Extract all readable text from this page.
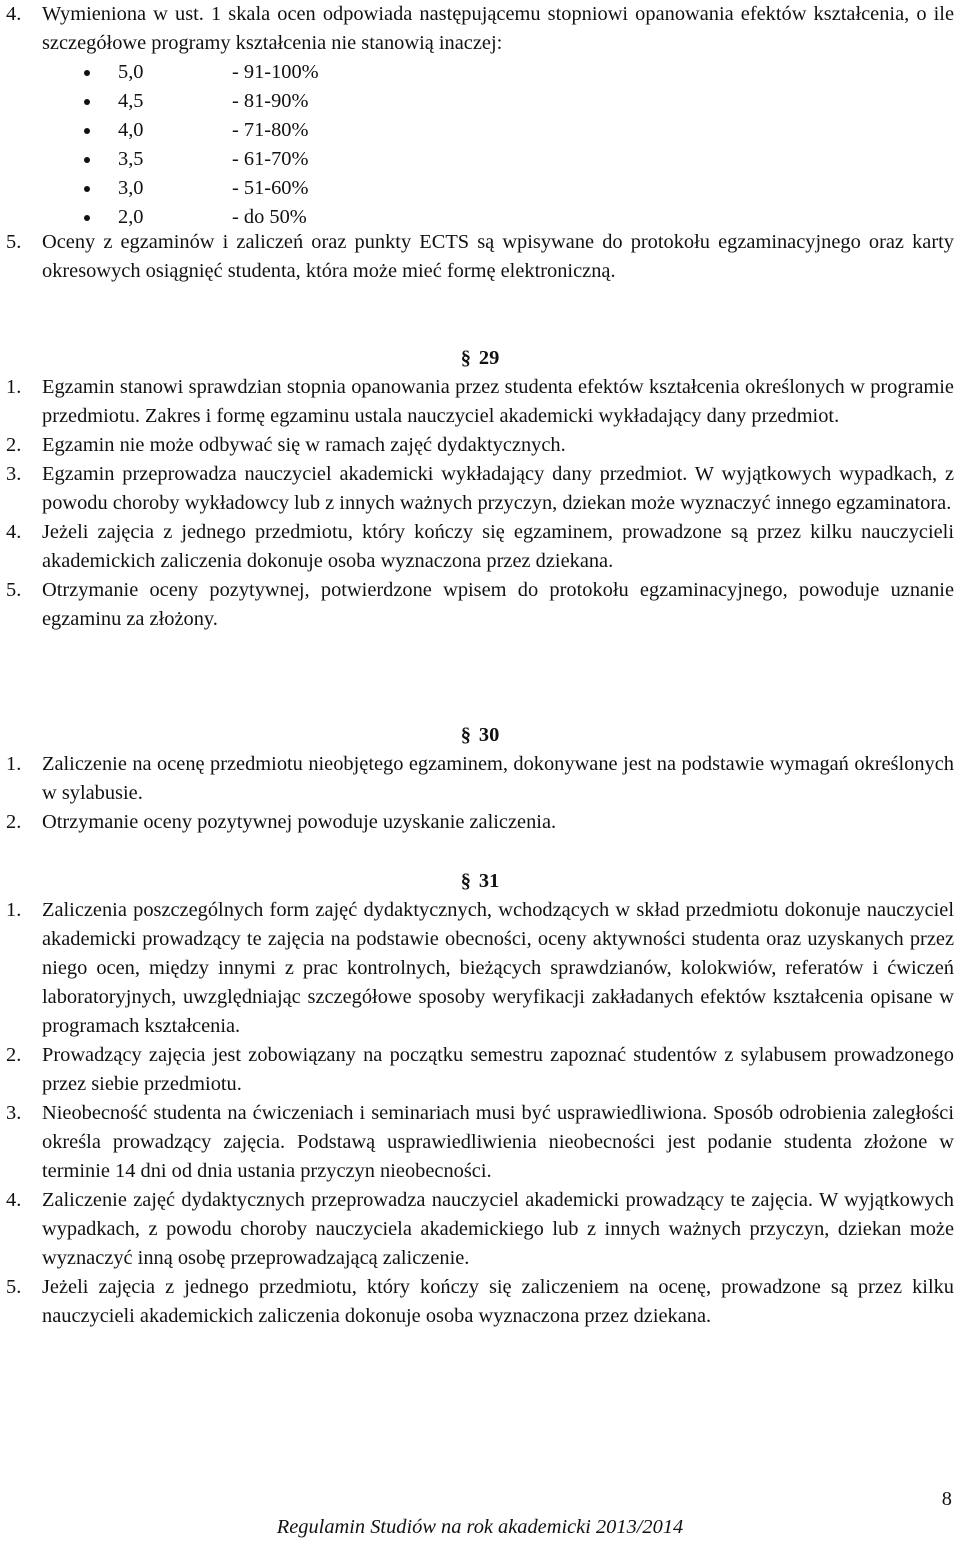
4. Wymieniona w ust. 1 skala ocen odpowiada następującemu stopniowi opanowania efektów kształcenia, o ile szczegółowe programy kształcenia nie stanowią inaczej:
5,0	- 91-100%
4,5	- 81-90%
4,0	- 71-80%
3,5	- 61-70%
3,0	- 51-60%
2,0	- do 50%
5. Oceny z egzaminów i zaliczeń oraz punkty ECTS są wpisywane do protokołu egzaminacyjnego oraz karty okresowych osiągnięć studenta, która może mieć formę elektroniczną.
§ 29
1. Egzamin stanowi sprawdzian stopnia opanowania przez studenta efektów kształcenia określonych w programie przedmiotu. Zakres i formę egzaminu ustala nauczyciel akademicki wykładający dany przedmiot.
2. Egzamin nie może odbywać się w ramach zajęć dydaktycznych.
3. Egzamin przeprowadza nauczyciel akademicki wykładający dany przedmiot. W wyjątkowych wypadkach, z powodu choroby wykładowcy lub z innych ważnych przyczyn, dziekan może wyznaczyć innego egzaminatora.
4. Jeżeli zajęcia z jednego przedmiotu, który kończy się egzaminem, prowadzone są przez kilku nauczycieli akademickich zaliczenia dokonuje osoba wyznaczona przez dziekana.
5. Otrzymanie oceny pozytywnej, potwierdzone wpisem do protokołu egzaminacyjnego, powoduje uznanie egzaminu za złożony.
§ 30
1. Zaliczenie na ocenę przedmiotu nieobjętego egzaminem, dokonywane jest na podstawie wymagań określonych w sylabusie.
2. Otrzymanie oceny pozytywnej powoduje uzyskanie zaliczenia.
§ 31
1. Zaliczenia poszczególnych form zajęć dydaktycznych, wchodzących w skład przedmiotu dokonuje nauczyciel akademicki prowadzący te zajęcia na podstawie obecności, oceny aktywności studenta oraz uzyskanych przez niego ocen, między innymi z prac kontrolnych, bieżących sprawdzianów, kolokwiów, referatów i ćwiczeń laboratoryjnych, uwzględniając szczegółowe sposoby weryfikacji zakładanych efektów kształcenia opisane w programach kształcenia.
2. Prowadzący zajęcia jest zobowiązany na początku semestru zapoznać studentów z sylabusem prowadzonego przez siebie przedmiotu.
3. Nieobecność studenta na ćwiczeniach i seminariach musi być usprawiedliwiona. Sposób odrobienia zaległości określa prowadzący zajęcia. Podstawą usprawiedliwienia nieobecności jest podanie studenta złożone w terminie 14 dni od dnia ustania przyczyn nieobecności.
4. Zaliczenie zajęć dydaktycznych przeprowadza nauczyciel akademicki prowadzący te zajęcia. W wyjątkowych wypadkach, z powodu choroby nauczyciela akademickiego lub z innych ważnych przyczyn, dziekan może wyznaczyć inną osobę przeprowadzającą zaliczenie.
5. Jeżeli zajęcia z jednego przedmiotu, który kończy się zaliczeniem na ocenę, prowadzone są przez kilku nauczycieli akademickich zaliczenia dokonuje osoba wyznaczona przez dziekana.
8
Regulamin Studiów na rok akademicki 2013/2014
